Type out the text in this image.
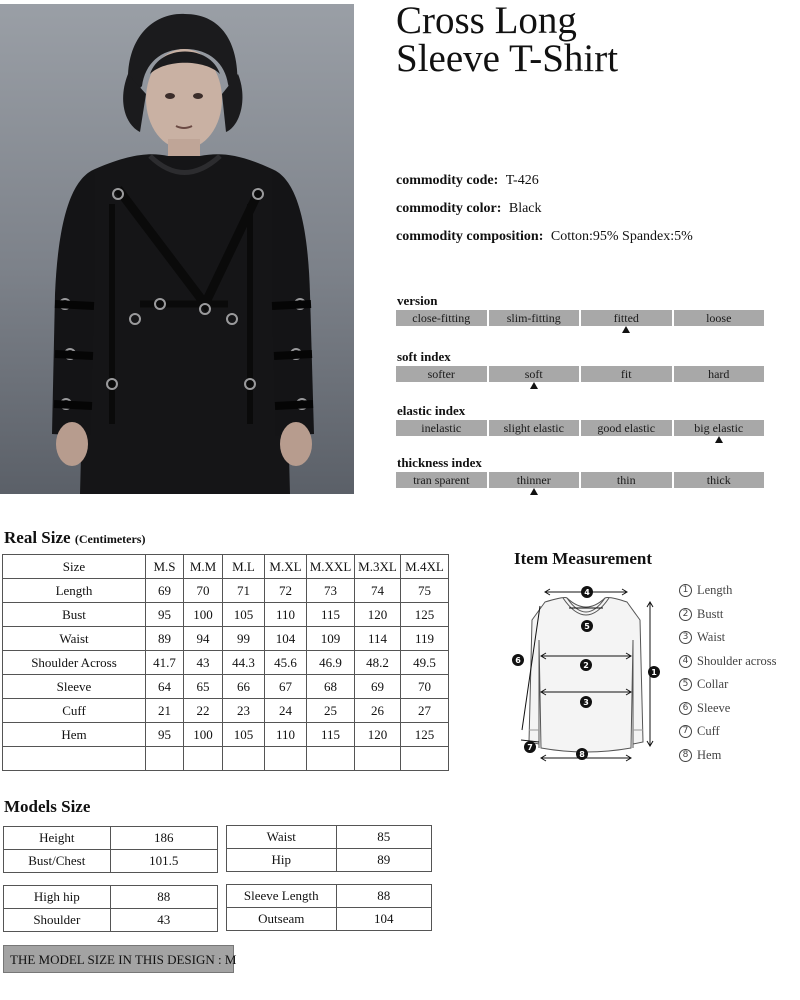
Cross Long
Sleeve T-Shirt
commodity code: T-426
commodity color: Black
commodity composition: Cotton:95% Spandex:5%
version
close-fitting	slim-fitting	fitted	loose
soft index
softer	soft	fit	hard
elastic index
inelastic	slight elastic	good elastic	big elastic
thickness index
tran sparent	thinner	thin	thick
Real Size (Centimeters)
Size	M.S	M.M	M.L	M.XL	M.XXL	M.3XL	M.4XL
Length	69	70	71	72	73	74	75
Bust	95	100	105	110	115	120	125
Waist	89	94	99	104	109	114	119
Shoulder Across	41.7	43	44.3	45.6	46.9	48.2	49.5
Sleeve	64	65	66	67	68	69	70
Cuff	21	22	23	24	25	26	27
Hem	95	100	105	110	115	120	125

Item Measurement
4
5
2
3
1
6
7
8
1 Length
2 Bustt
3 Waist
4 Shoulder across
5 Collar
6 Sleeve
7 Cuff
8 Hem
Models Size
Height	186
Bust/Chest	101.5
Waist	85
Hip	89
High hip	88
Shoulder	43
Sleeve Length	88
Outseam	104
THE MODEL SIZE IN THIS DESIGN : M
